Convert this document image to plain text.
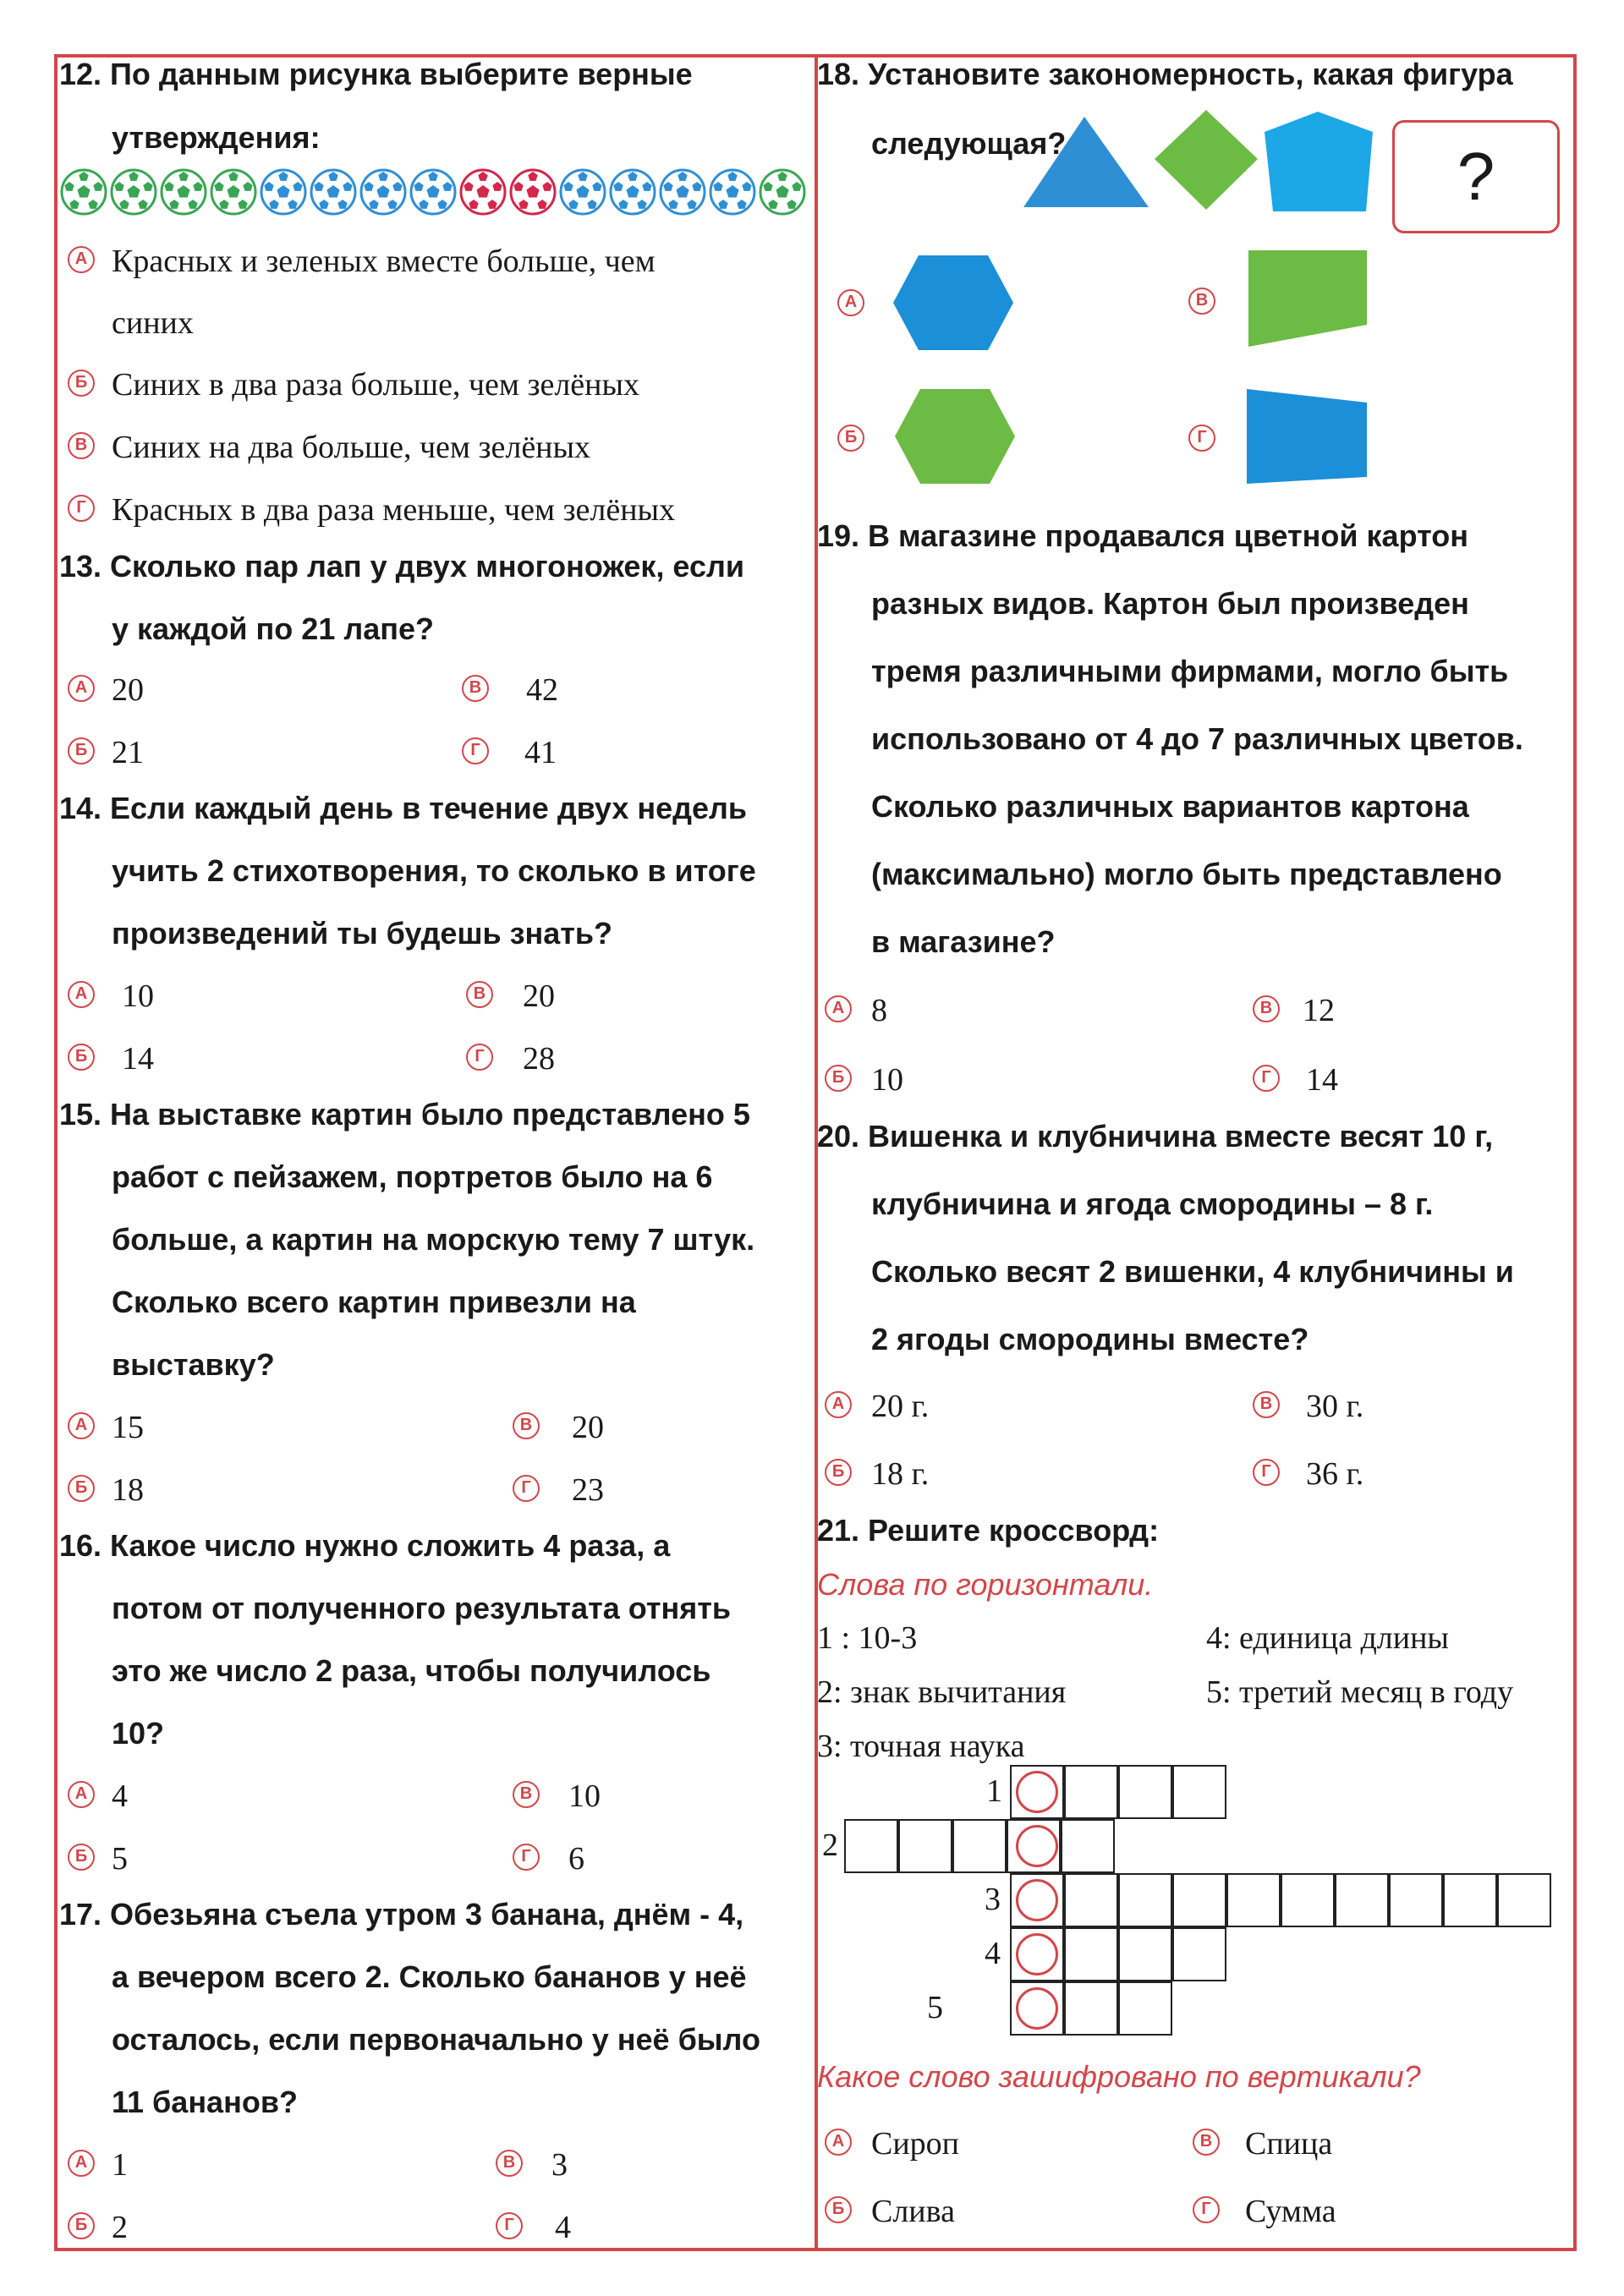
12. По данным рисунка выберите верные
утверждения:
А Красных и зеленых вместе больше, чем
синих
Б Синих в два раза больше, чем зелёных
В Синих на два больше, чем зелёных
Г Красных в два раза меньше, чем зелёных
13. Сколько пар лап у двух многоножек, если
у каждой по 21 лапе?
А 20	В 42
Б 21	Г 41
14. Если каждый день в течение двух недель
учить 2 стихотворения, то сколько в итоге
произведений ты будешь знать?
А 10	В 20
Б 14	Г 28
15. На выставке картин было представлено 5
работ с пейзажем, портретов было на 6
больше, а картин на морскую тему 7 штук.
Сколько всего картин привезли на
выставку?
А 15	В 20
Б 18	Г 23
16. Какое число нужно сложить 4 раза, а
потом от полученного результата отнять
это же число 2 раза, чтобы получилось
10?
А 4	В 10
Б 5	Г 6
17. Обезьяна съела утром 3 банана, днём - 4,
а вечером всего 2. Сколько бананов у неё
осталось, если первоначально у неё было
11 бананов?
А 1	В 3
Б 2	Г 4
18. Установите закономерность, какая фигура
следующая?	?
А	В
Б	Г
19. В магазине продавался цветной картон
разных видов. Картон был произведен
тремя различными фирмами, могло быть
использовано от 4 до 7 различных цветов.
Сколько различных вариантов картона
(максимально) могло быть представлено
в магазине?
А 8	В 12
Б 10	Г 14
20. Вишенка и клубничина вместе весят 10 г,
клубничина и ягода смородины – 8 г.
Сколько весят 2 вишенки, 4 клубничины и
2 ягоды смородины вместе?
А 20 г.	В 30 г.
Б 18 г.	Г 36 г.
21. Решите кроссворд:
Слова по горизонтали.
1 : 10-3	4: единица длины
2: знак вычитания	5: третий месяц в году
3: точная наука
1
2
3
4
5
Какое слово зашифровано по вертикали?
А Сироп	В Спица
Б Слива	Г Сумма
